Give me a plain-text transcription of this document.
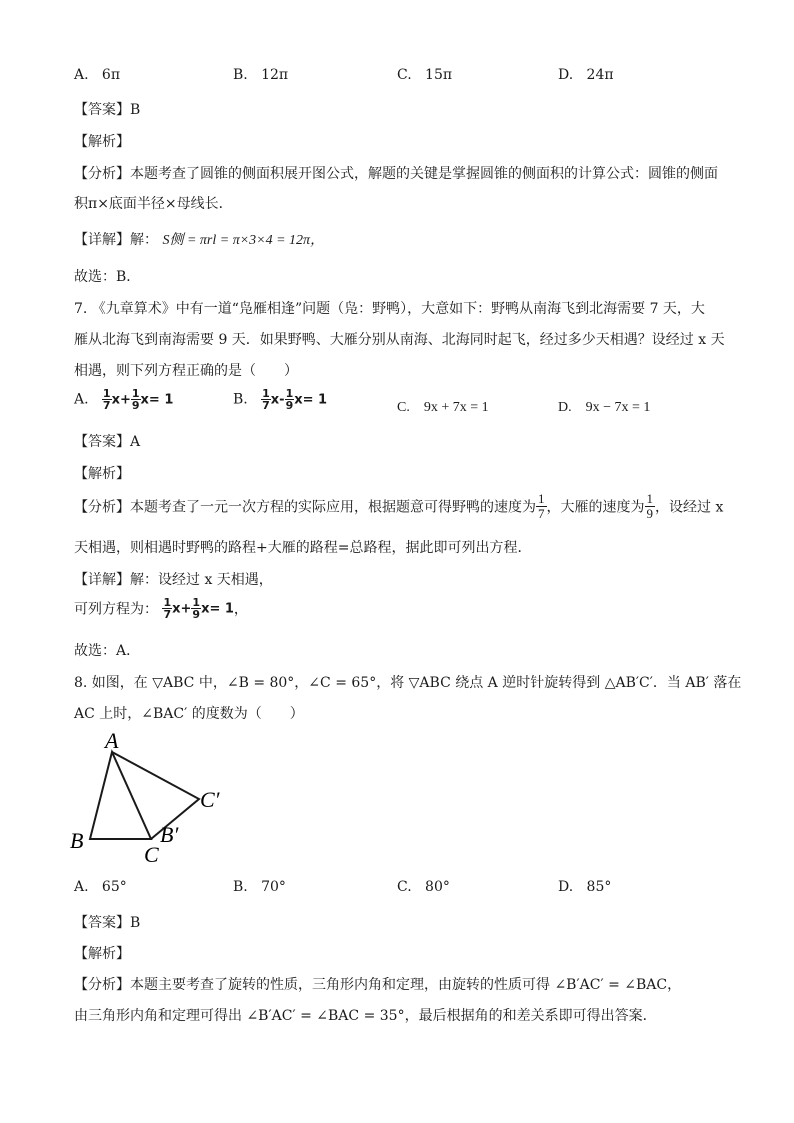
A. 6π	B. 12π	C. 15π	D. 24π
【答案】B
【解析】
【分析】本题考查了圆锥的侧面积展开图公式，解题的关键是掌握圆锥的侧面积的计算公式：圆锥的侧面
积π×底面半径×母线长．
【详解】解： S侧 = πrl = π×3×4 = 12π，
故选：B．
7. 《九章算术》中有一道“凫雁相逢”问题（凫：野鸭），大意如下：野鸭从南海飞到北海需要 7 天，大
雁从北海飞到南海需要 9 天．如果野鸭、大雁分别从南海、北海同时起飞，经过多少天相遇？设经过 x 天
相遇，则下列方程正确的是（　　）
A. $\frac{1}{7} x+ \frac{1}{9} x= 1$	B. $\frac{1}{7} x- \frac{1}{9} x= 1$	C.　9x + 7x = 1	D.　9x − 7x = 1
【答案】A
【解析】
【分析】本题考查了一元一次方程的实际应用，根据题意可得野鸭的速度为 $\frac{1}{7}$ ，大雁的速度为 $\frac{1}{9}$ ，设经过 x
天相遇，则相遇时野鸭的路程+大雁的路程=总路程，据此即可列出方程．
【详解】解：设经过 x 天相遇，
可列方程为： $\frac{1}{7} x+ \frac{1}{9} x= 1$，
故选：A．
8. 如图，在 ▽ABC 中，∠B = 80°，∠C = 65°，将 ▽ABC 绕点 A 逆时针旋转得到 △AB′C′．当 AB′ 落在
AC 上时，∠BAC′ 的度数为（　　）
A
B
C
B′
C′
A. 65°	B. 70°	C. 80°	D. 85°
【答案】B
【解析】
【分析】本题主要考查了旋转的性质，三角形内角和定理，由旋转的性质可得 ∠B′AC′ = ∠BAC，
由三角形内角和定理可得出 ∠B′AC′ = ∠BAC = 35°，最后根据角的和差关系即可得出答案．
